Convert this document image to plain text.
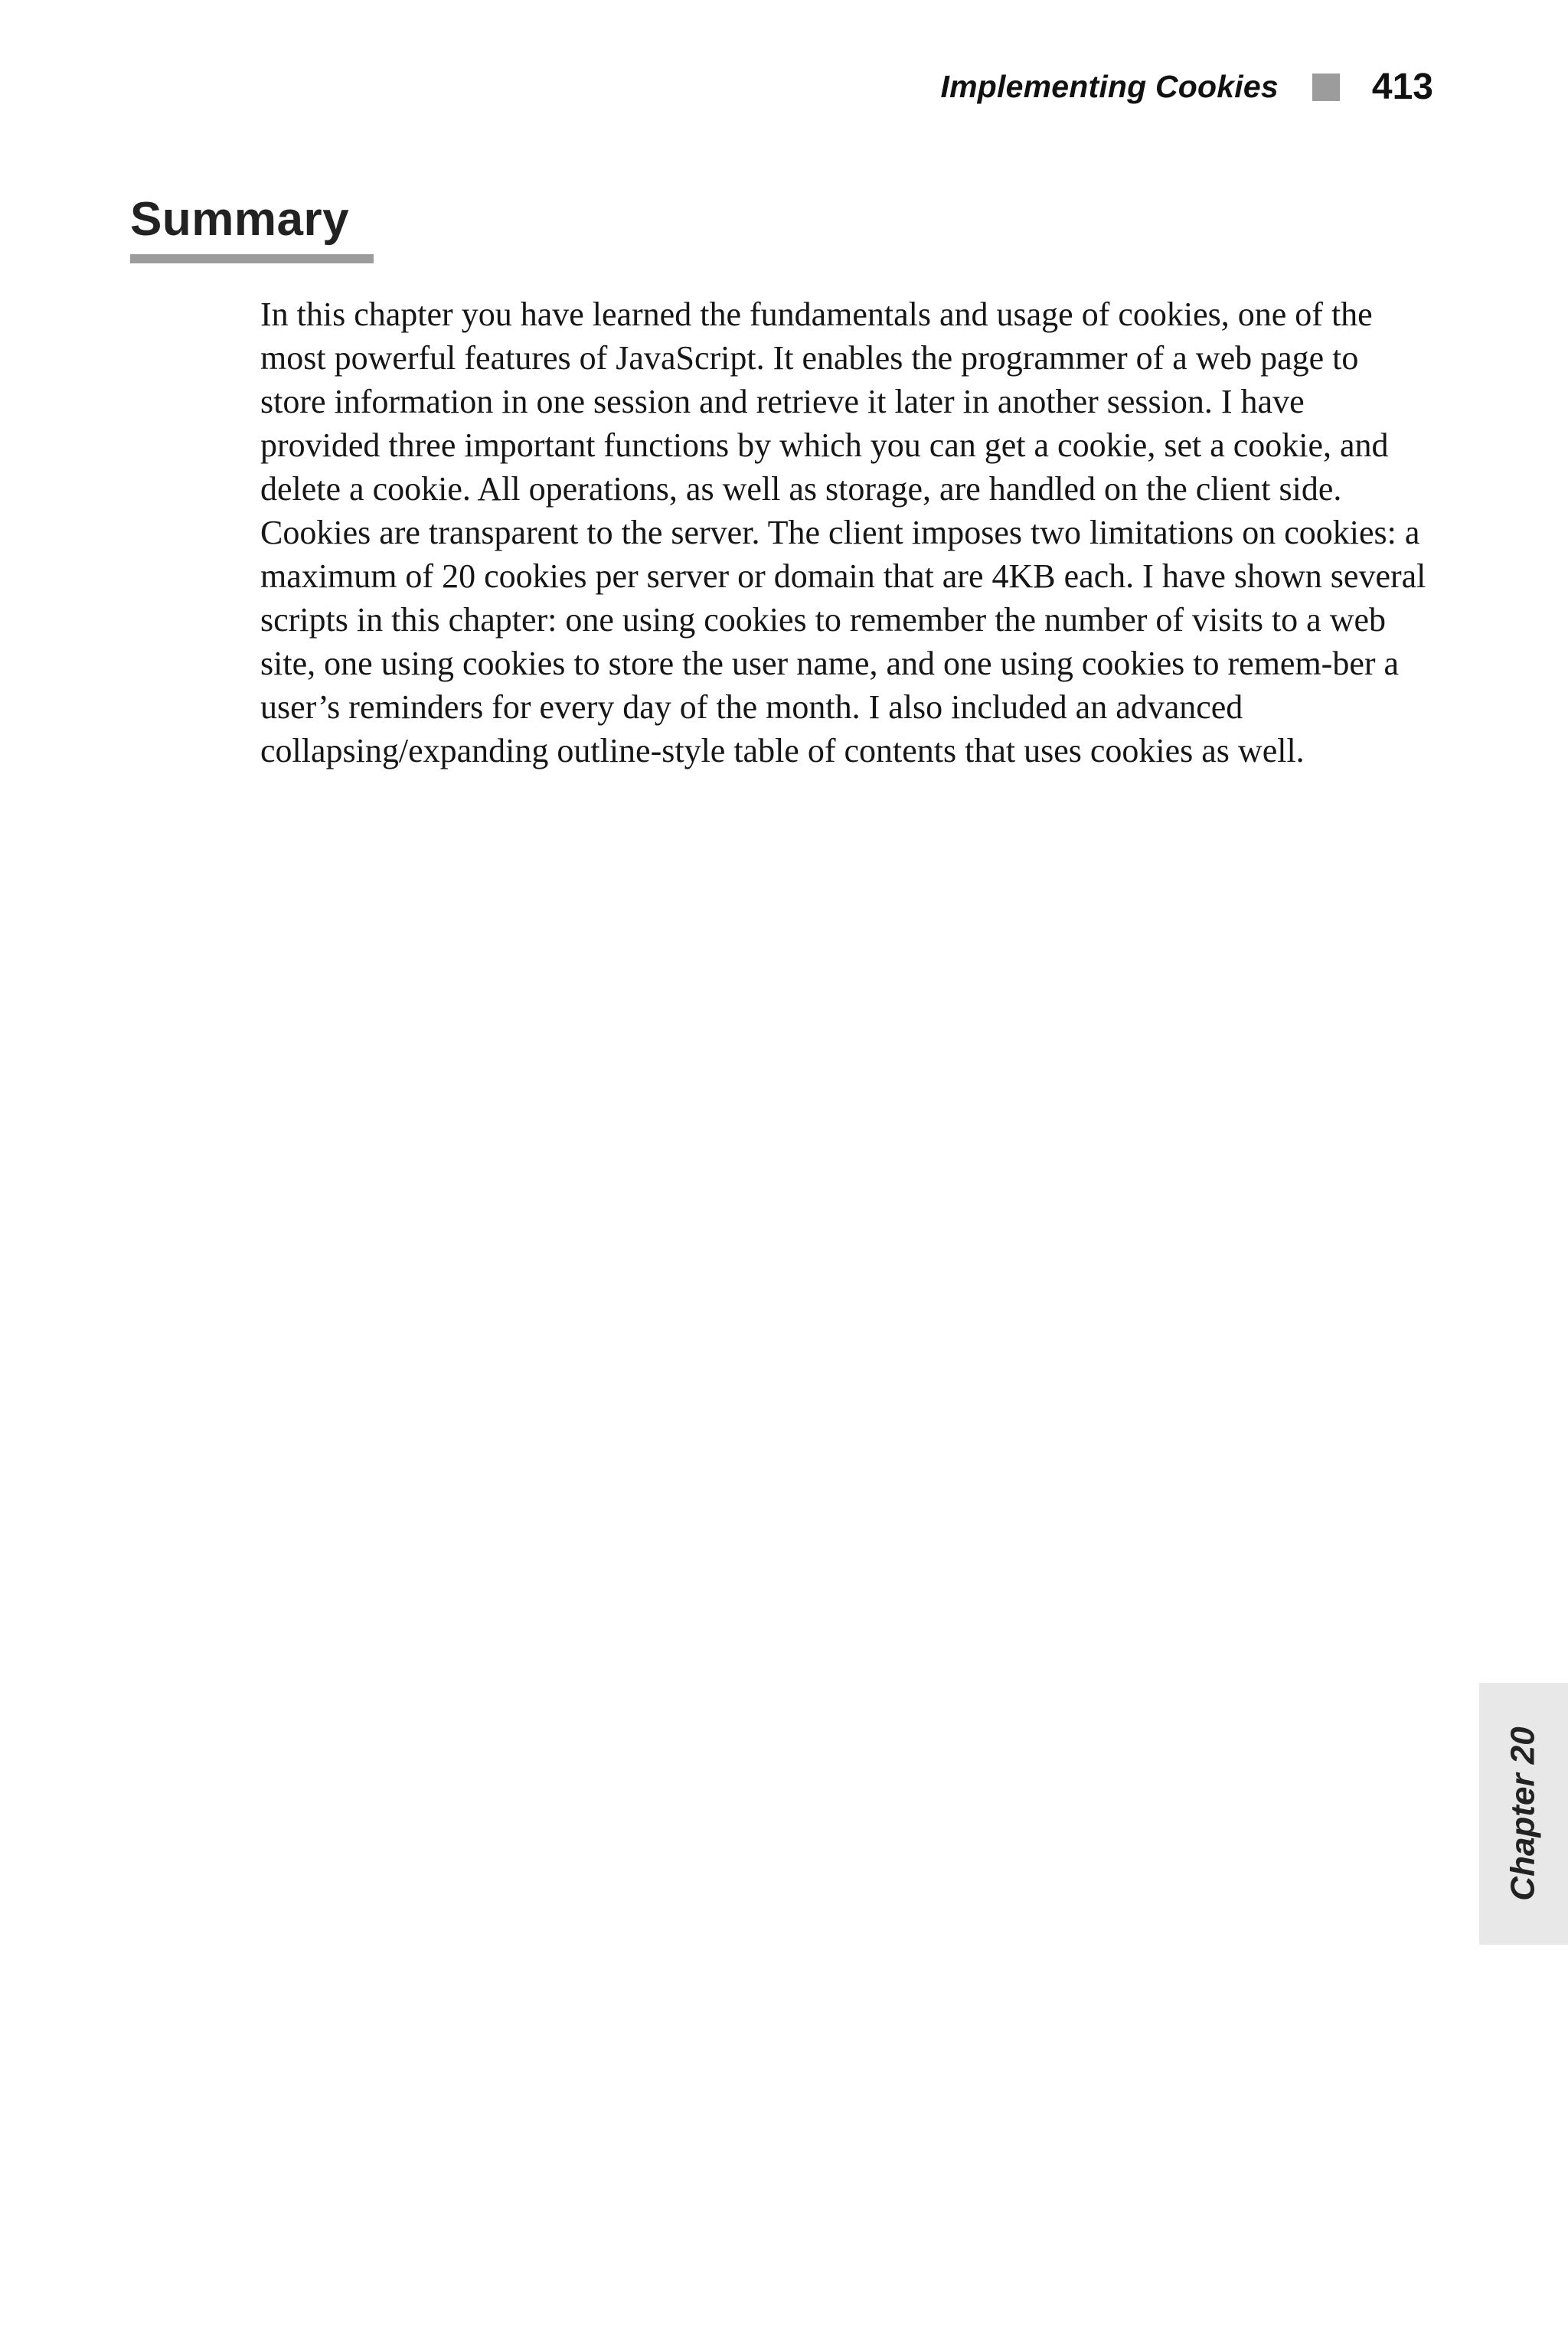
Implementing Cookies	413
Summary

In this chapter you have learned the fundamentals and usage of cookies, one of the most powerful features of JavaScript. It enables the programmer of a web page to store information in one session and retrieve it later in another session. I have provided three important functions by which you can get a cookie, set a cookie, and delete a cookie. All operations, as well as storage, are handled on the client side. Cookies are transparent to the server. The client imposes two limitations on cookies: a maximum of 20 cookies per server or domain that are 4KB each. I have shown several scripts in this chapter: one using cookies to remember the number of visits to a web site, one using cookies to store the user name, and one using cookies to remem-ber a user’s reminders for every day of the month. I also included an advanced collapsing/expanding outline-style table of contents that uses cookies as well.

Chapter 20
